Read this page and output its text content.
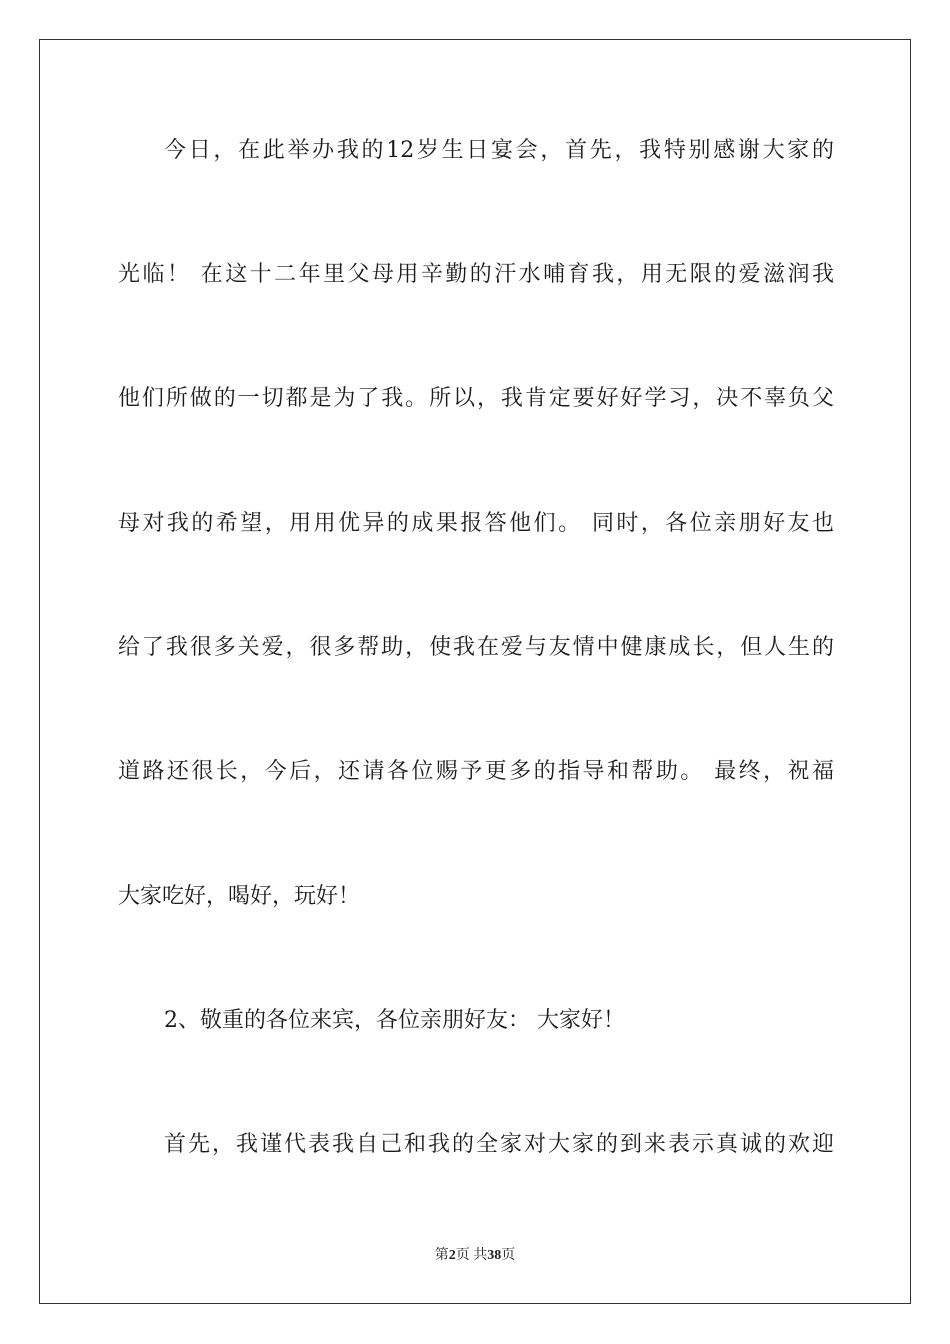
今日，在此举办我的12岁生日宴会，首先，我特别感谢大家的
光临！ 在这十二年里父母用辛勤的汗水哺育我，用无限的爱滋润我
他们所做的一切都是为了我。所以，我肯定要好好学习，决不辜负父
母对我的希望，用用优异的成果报答他们。 同时，各位亲朋好友也
给了我很多关爱，很多帮助，使我在爱与友情中健康成长，但人生的
道路还很长，今后，还请各位赐予更多的指导和帮助。 最终，祝福
大家吃好，喝好，玩好！
2、敬重的各位来宾，各位亲朋好友： 大家好！
首先，我谨代表我自己和我的全家对大家的到来表示真诚的欢迎
第2页 共38页
